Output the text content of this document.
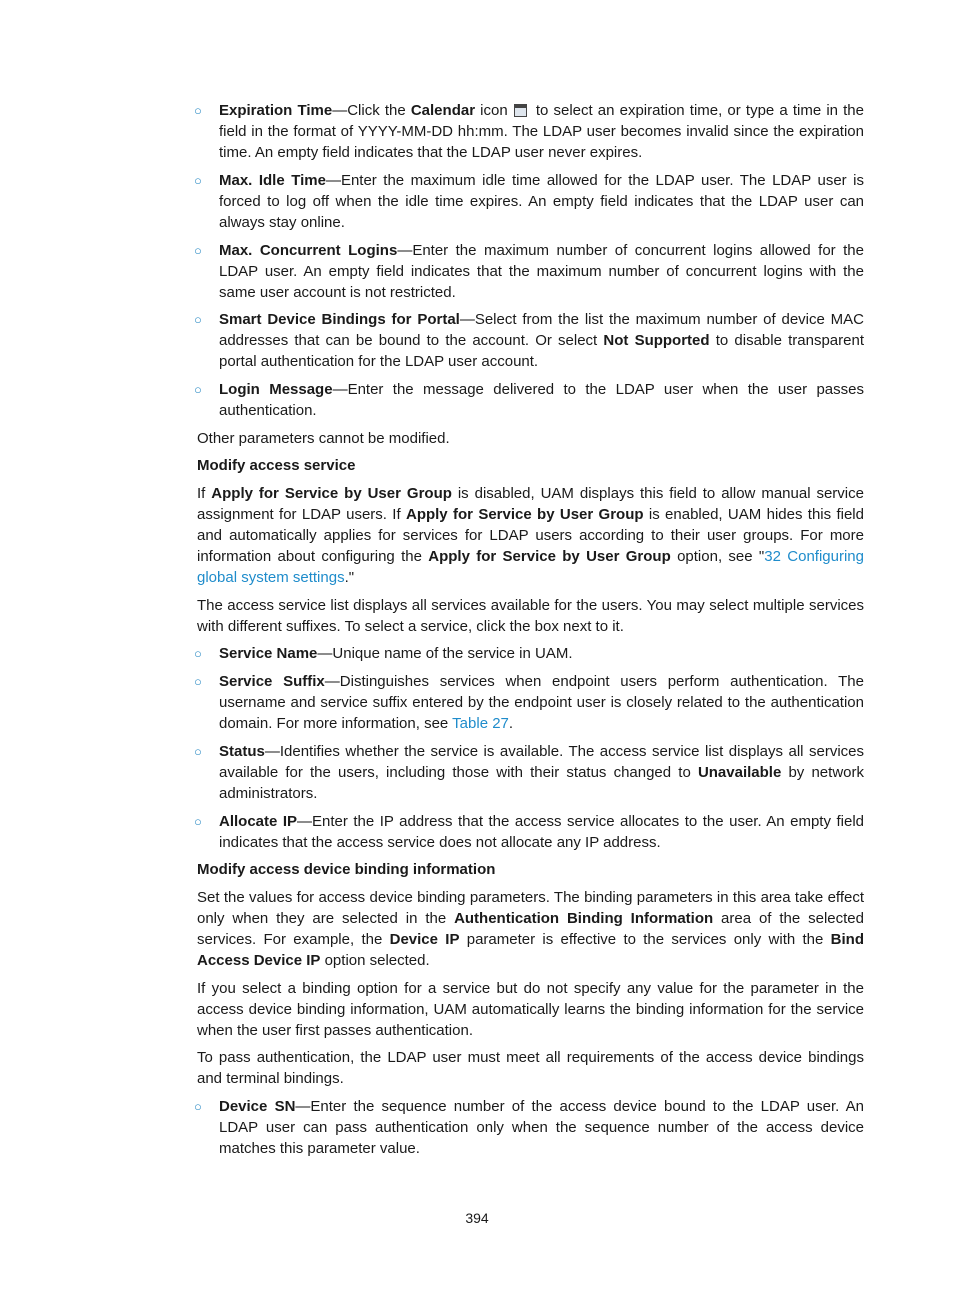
○ Expiration Time—Click the Calendar icon to select an expiration time, or type a time in the field in the format of YYYY-MM-DD hh:mm. The LDAP user becomes invalid since the expiration time. An empty field indicates that the LDAP user never expires.
○ Max. Idle Time—Enter the maximum idle time allowed for the LDAP user. The LDAP user is forced to log off when the idle time expires. An empty field indicates that the LDAP user can always stay online.
○ Max. Concurrent Logins—Enter the maximum number of concurrent logins allowed for the LDAP user. An empty field indicates that the maximum number of concurrent logins with the same user account is not restricted.
○ Smart Device Bindings for Portal—Select from the list the maximum number of device MAC addresses that can be bound to the account. Or select Not Supported to disable transparent portal authentication for the LDAP user account.
○ Login Message—Enter the message delivered to the LDAP user when the user passes authentication.
Other parameters cannot be modified.
Modify access service
If Apply for Service by User Group is disabled, UAM displays this field to allow manual service assignment for LDAP users. If Apply for Service by User Group is enabled, UAM hides this field and automatically applies for services for LDAP users according to their user groups. For more information about configuring the Apply for Service by User Group option, see "32 Configuring global system settings."
The access service list displays all services available for the users. You may select multiple services with different suffixes. To select a service, click the box next to it.
○ Service Name—Unique name of the service in UAM.
○ Service Suffix—Distinguishes services when endpoint users perform authentication. The username and service suffix entered by the endpoint user is closely related to the authentication domain. For more information, see Table 27.
○ Status—Identifies whether the service is available. The access service list displays all services available for the users, including those with their status changed to Unavailable by network administrators.
○ Allocate IP—Enter the IP address that the access service allocates to the user. An empty field indicates that the access service does not allocate any IP address.
Modify access device binding information
Set the values for access device binding parameters. The binding parameters in this area take effect only when they are selected in the Authentication Binding Information area of the selected services. For example, the Device IP parameter is effective to the services only with the Bind Access Device IP option selected.
If you select a binding option for a service but do not specify any value for the parameter in the access device binding information, UAM automatically learns the binding information for the service when the user first passes authentication.
To pass authentication, the LDAP user must meet all requirements of the access device bindings and terminal bindings.
○ Device SN—Enter the sequence number of the access device bound to the LDAP user. An LDAP user can pass authentication only when the sequence number of the access device matches this parameter value.
394
